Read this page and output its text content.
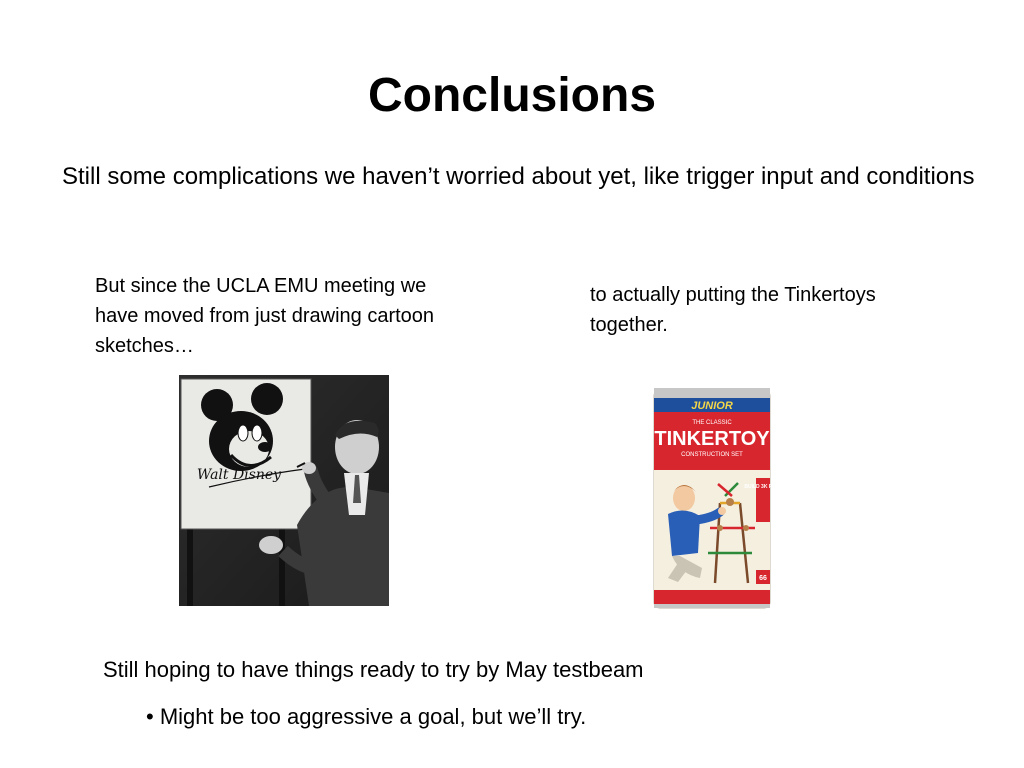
Conclusions
Still some complications we haven’t worried about yet, like trigger input and conditions
But since the UCLA EMU meeting we have moved from just drawing cartoon sketches…
to actually putting the Tinkertoys together.
Walt Disney
JUNIOR
THE CLASSIC
TINKERTOY
CONSTRUCTION SET
BUILD 3K FAST
66
Still hoping to have things ready to try by May testbeam
• Might be too aggressive a goal, but we’ll try.
